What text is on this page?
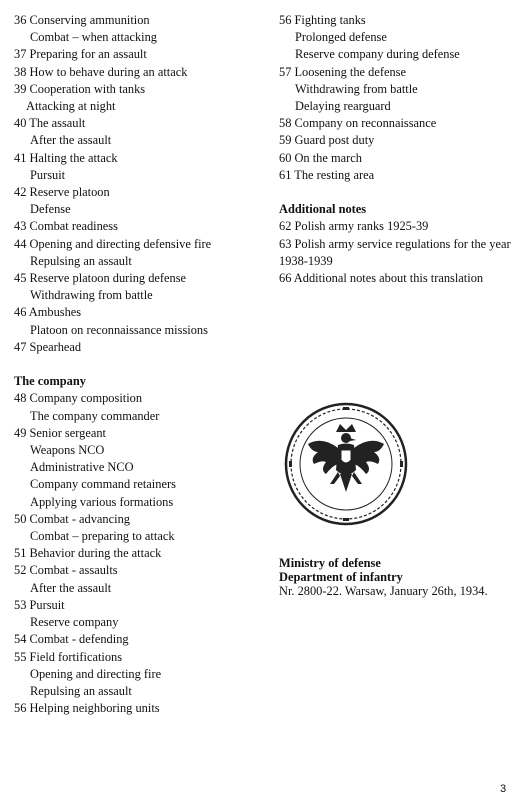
36 Conserving ammunition
Combat – when attacking
37 Preparing for an assault
38 How to behave during an attack
39 Cooperation with tanks
Attacking at night
40 The assault
After the assault
41 Halting the attack
Pursuit
42 Reserve platoon
Defense
43 Combat readiness
44 Opening and directing defensive fire
Repulsing an assault
45 Reserve platoon during defense
Withdrawing from battle
46 Ambushes
Platoon on reconnaissance missions
47 Spearhead
The company
48 Company composition
The company commander
49 Senior sergeant
Weapons NCO
Administrative NCO
Company command retainers
Applying various formations
50 Combat - advancing
Combat – preparing to attack
51 Behavior during the attack
52 Combat - assaults
After the assault
53 Pursuit
Reserve company
54 Combat - defending
55 Field fortifications
Opening and directing fire
Repulsing an assault
56 Helping neighboring units
56 Fighting tanks
Prolonged defense
Reserve company during defense
57 Loosening the defense
Withdrawing from battle
Delaying rearguard
58 Company on reconnaissance
59 Guard post duty
60 On the march
61 The resting area
Additional notes
62 Polish army ranks 1925-39
63 Polish army service regulations for the year 1938-1939
66 Additional notes about this translation
Ministry of defense
Department of infantry
Nr. 2800-22. Warsaw, January 26th, 1934.
3
